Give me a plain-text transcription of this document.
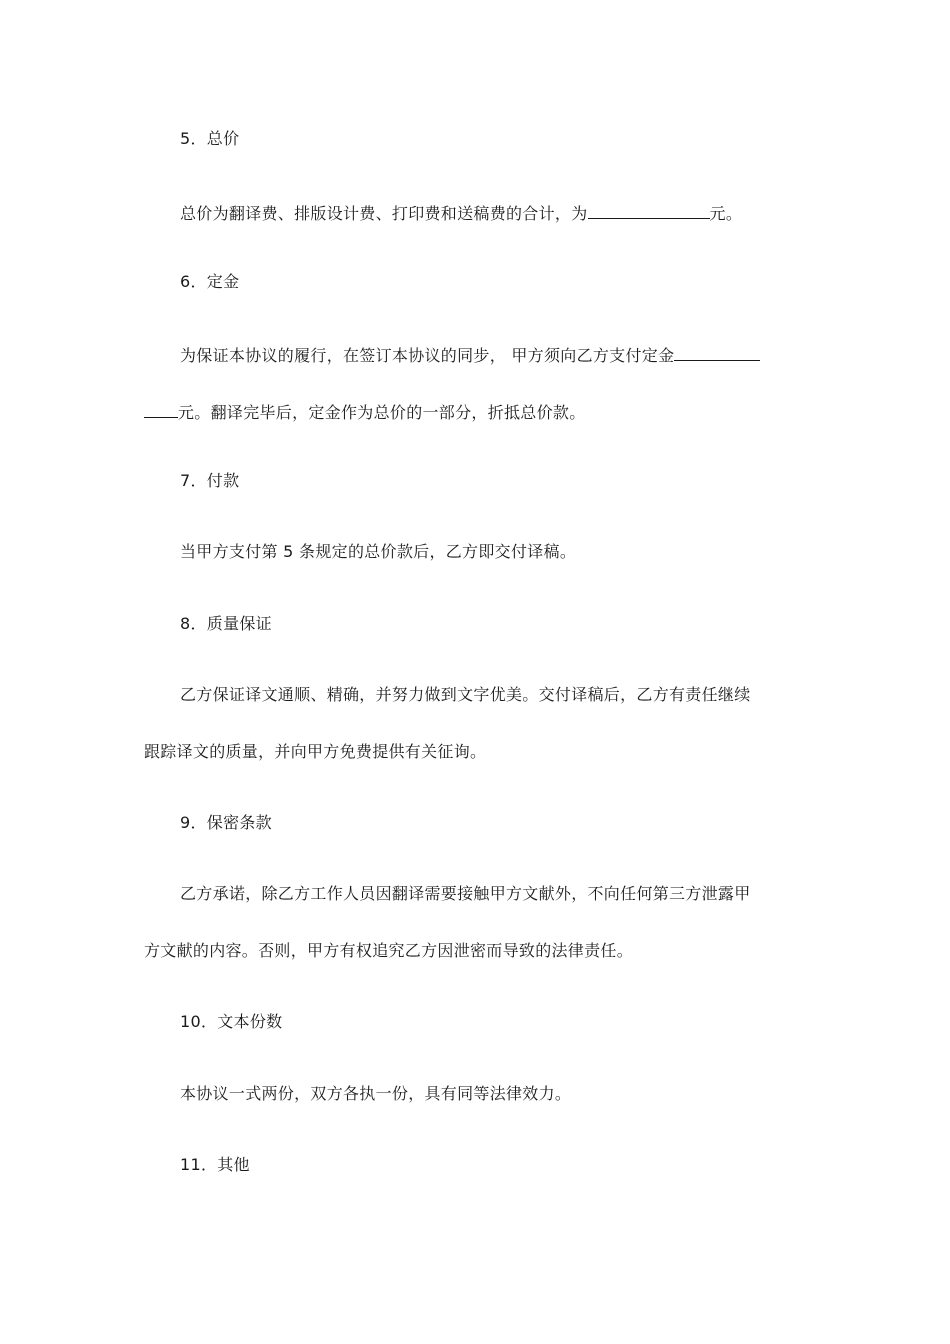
5．总价
总价为翻译费、排版设计费、打印费和送稿费的合计，为	元。
6．定金
为保证本协议的履行，在签订本协议的同步， 甲方须向乙方支付定金
元。翻译完毕后，定金作为总价的一部分，折抵总价款。
7．付款
当甲方支付第 5 条规定的总价款后，乙方即交付译稿。
8．质量保证
乙方保证译文通顺、精确，并努力做到文字优美。交付译稿后，乙方有责任继续
跟踪译文的质量，并向甲方免费提供有关征询。
9．保密条款
乙方承诺，除乙方工作人员因翻译需要接触甲方文献外，不向任何第三方泄露甲
方文献的内容。否则，甲方有权追究乙方因泄密而导致的法律责任。
10．文本份数
本协议一式两份，双方各执一份，具有同等法律效力。
11．其他
